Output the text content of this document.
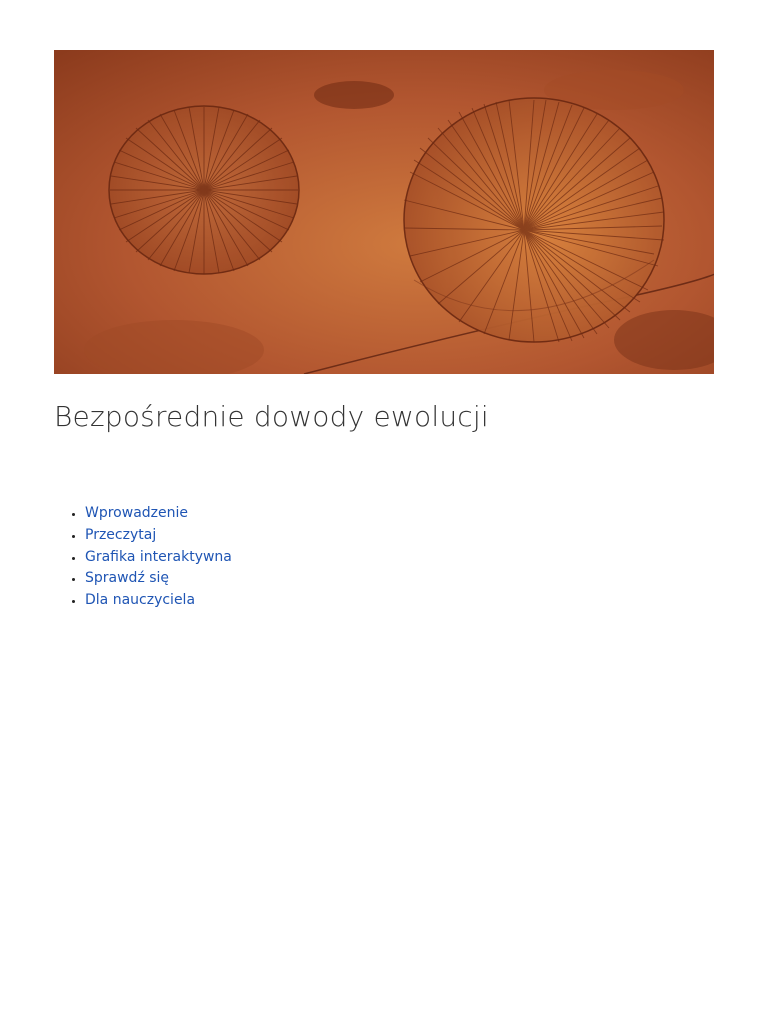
Bezpośrednie dowody ewolucji
• Wprowadzenie
• Przeczytaj
• Grafika interaktywna
• Sprawdź się
• Dla nauczyciela
